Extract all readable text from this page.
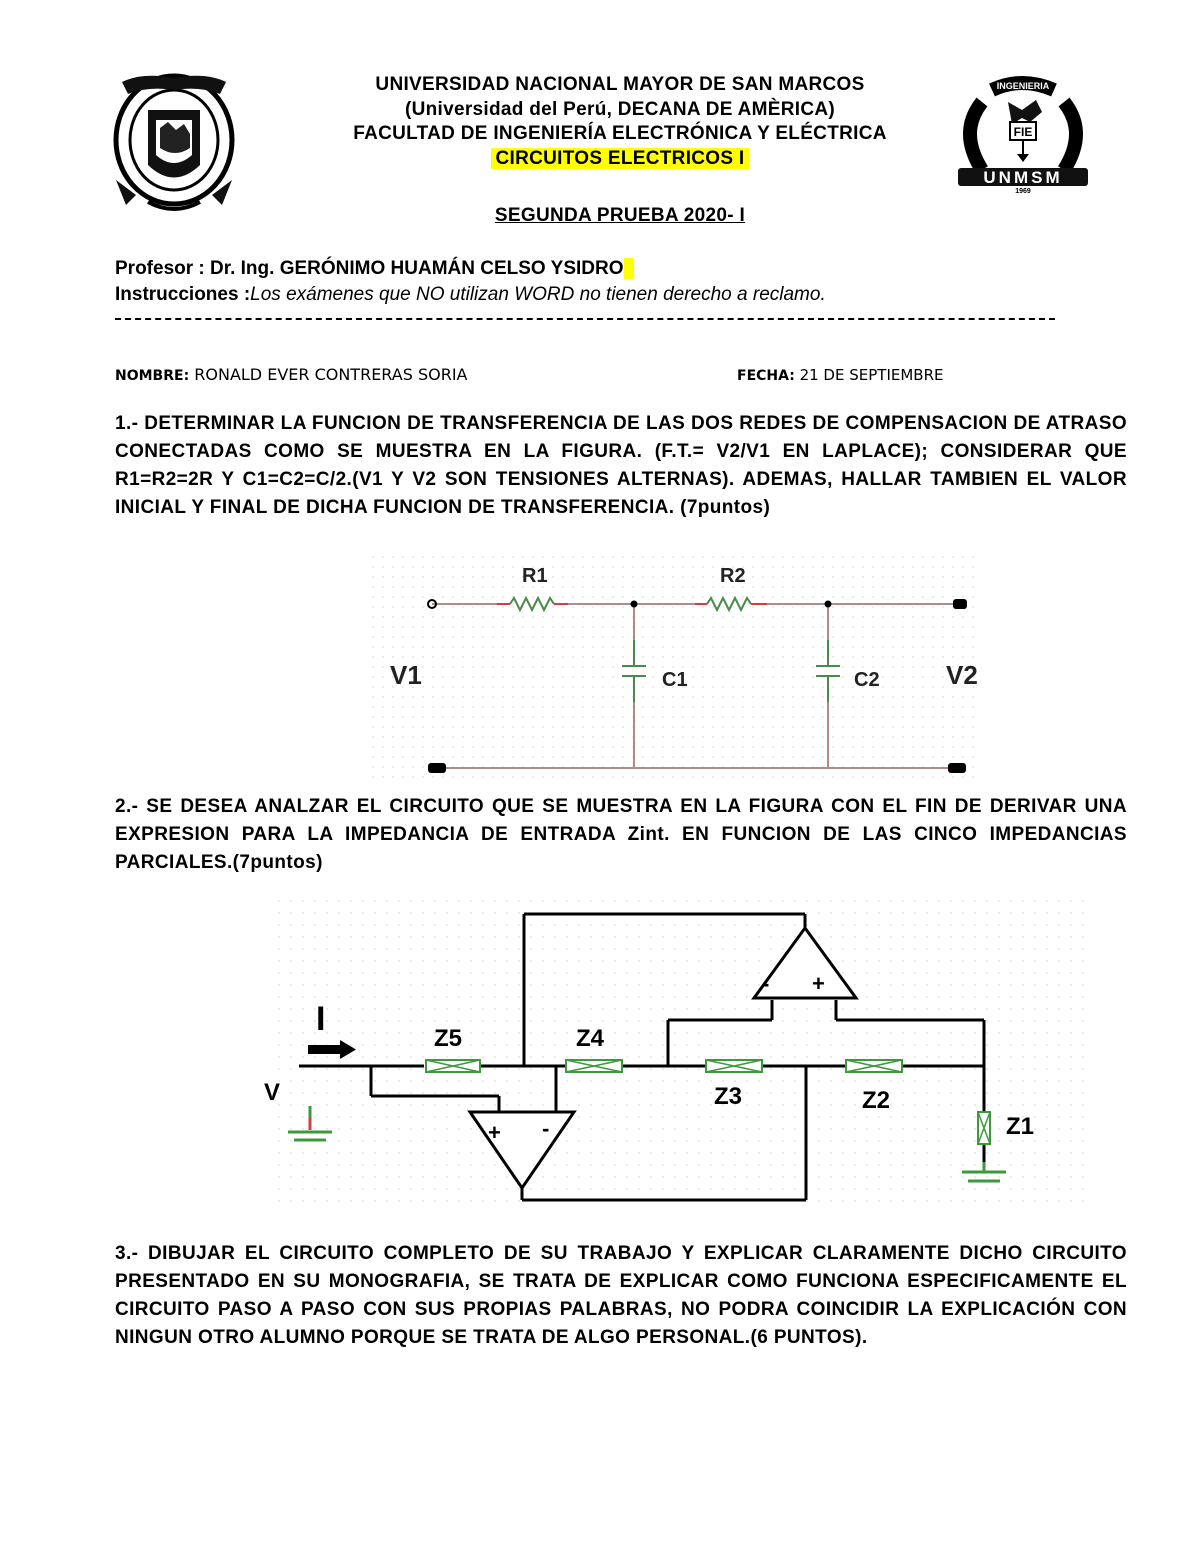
INGENIERIA
FIE
UNMSM
1969
UNIVERSIDAD NACIONAL MAYOR DE SAN MARCOS
(Universidad del Perú, DECANA DE AMÈRICA)
FACULTAD DE INGENIERÍA ELECTRÓNICA Y ELÉCTRICA
CIRCUITOS ELECTRICOS I
SEGUNDA PRUEBA 2020- I
Profesor : Dr. Ing. GERÓNIMO HUAMÁN CELSO YSIDRO
Instrucciones :Los exámenes que NO utilizan WORD no tienen derecho a reclamo.
NOMBRE: RONALD EVER CONTRERAS SORIA	FECHA: 21 DE SEPTIEMBRE
1.- DETERMINAR LA FUNCION DE TRANSFERENCIA DE LAS DOS REDES DE COMPENSACION DE ATRASO CONECTADAS COMO SE MUESTRA EN LA FIGURA. (F.T.= V2/V1 EN LAPLACE); CONSIDERAR QUE R1=R2=2R Y C1=C2=C/2.(V1 Y V2 SON TENSIONES ALTERNAS). ADEMAS, HALLAR TAMBIEN EL VALOR INICIAL Y FINAL DE DICHA FUNCION DE TRANSFERENCIA. (7puntos)
2.- SE DESEA ANALZAR EL CIRCUITO QUE SE MUESTRA EN LA FIGURA CON EL FIN DE DERIVAR UNA EXPRESION PARA LA IMPEDANCIA DE ENTRADA Zint. EN FUNCION DE LAS CINCO IMPEDANCIAS PARCIALES.(7puntos)
3.- DIBUJAR EL CIRCUITO COMPLETO DE SU TRABAJO Y EXPLICAR CLARAMENTE DICHO CIRCUITO PRESENTADO EN SU MONOGRAFIA, SE TRATA DE EXPLICAR COMO FUNCIONA ESPECIFICAMENTE EL CIRCUITO PASO A PASO CON SUS PROPIAS PALABRAS, NO PODRA COINCIDIR LA EXPLICACIÓN CON NINGUN OTRO ALUMNO PORQUE SE TRATA DE ALGO PERSONAL.(6 PUNTOS).
R1	R2
C1	C2
V1	V2
- +
+ -
I
V
Z5	Z4
Z3	Z2
Z1
